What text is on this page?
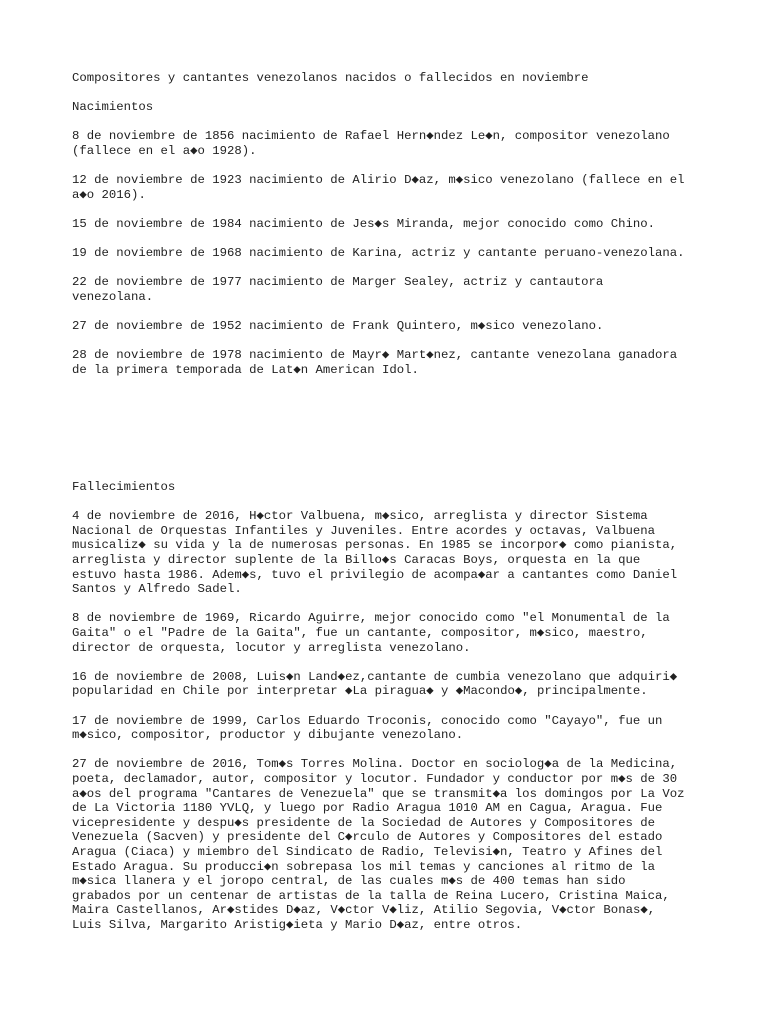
Compositores y cantantes venezolanos nacidos o fallecidos en noviembre

Nacimientos

8 de noviembre de 1856 nacimiento de Rafael Hern◆ndez Le◆n, compositor venezolano
(fallece en el a◆o 1928).

12 de noviembre de 1923 nacimiento de Alirio D◆az, m◆sico venezolano (fallece en el
a◆o 2016).

15 de noviembre de 1984 nacimiento de Jes◆s Miranda, mejor conocido como Chino.

19 de noviembre de 1968 nacimiento de Karina, actriz y cantante peruano-venezolana.

22 de noviembre de 1977 nacimiento de Marger Sealey, actriz y cantautora
venezolana.

27 de noviembre de 1952 nacimiento de Frank Quintero, m◆sico venezolano.

28 de noviembre de 1978 nacimiento de Mayr◆ Mart◆nez, cantante venezolana ganadora
de la primera temporada de Lat◆n American Idol.

Fallecimientos

4 de noviembre de 2016, H◆ctor Valbuena, m◆sico, arreglista y director Sistema
Nacional de Orquestas Infantiles y Juveniles. Entre acordes y octavas, Valbuena
musicaliz◆ su vida y la de numerosas personas. En 1985 se incorpor◆ como pianista,
arreglista y director suplente de la Billo◆s Caracas Boys, orquesta en la que
estuvo hasta 1986. Adem◆s, tuvo el privilegio de acompa◆ar a cantantes como Daniel
Santos y Alfredo Sadel.

8 de noviembre de 1969, Ricardo Aguirre, mejor conocido como "el Monumental de la
Gaita" o el "Padre de la Gaita", fue un cantante, compositor, m◆sico, maestro,
director de orquesta, locutor y arreglista venezolano.

16 de noviembre de 2008, Luis◆n Land◆ez,cantante de cumbia venezolano que adquiri◆
popularidad en Chile por interpretar ◆La piragua◆ y ◆Macondo◆, principalmente.

17 de noviembre de 1999, Carlos Eduardo Troconis, conocido como "Cayayo", fue un
m◆sico, compositor, productor y dibujante venezolano.

27 de noviembre de 2016, Tom◆s Torres Molina. Doctor en sociolog◆a de la Medicina,
poeta, declamador, autor, compositor y locutor. Fundador y conductor por m◆s de 30
a◆os del programa "Cantares de Venezuela" que se transmit◆a los domingos por La Voz
de La Victoria 1180 YVLQ, y luego por Radio Aragua 1010 AM en Cagua, Aragua. Fue
vicepresidente y despu◆s presidente de la Sociedad de Autores y Compositores de
Venezuela (Sacven) y presidente del C◆rculo de Autores y Compositores del estado
Aragua (Ciaca) y miembro del Sindicato de Radio, Televisi◆n, Teatro y Afines del
Estado Aragua. Su producci◆n sobrepasa los mil temas y canciones al ritmo de la
m◆sica llanera y el joropo central, de las cuales m◆s de 400 temas han sido
grabados por un centenar de artistas de la talla de Reina Lucero, Cristina Maica,
Maira Castellanos, Ar◆stides D◆az, V◆ctor V◆liz, Atilio Segovia, V◆ctor Bonas◆,
Luis Silva, Margarito Aristig◆ieta y Mario D◆az, entre otros.
